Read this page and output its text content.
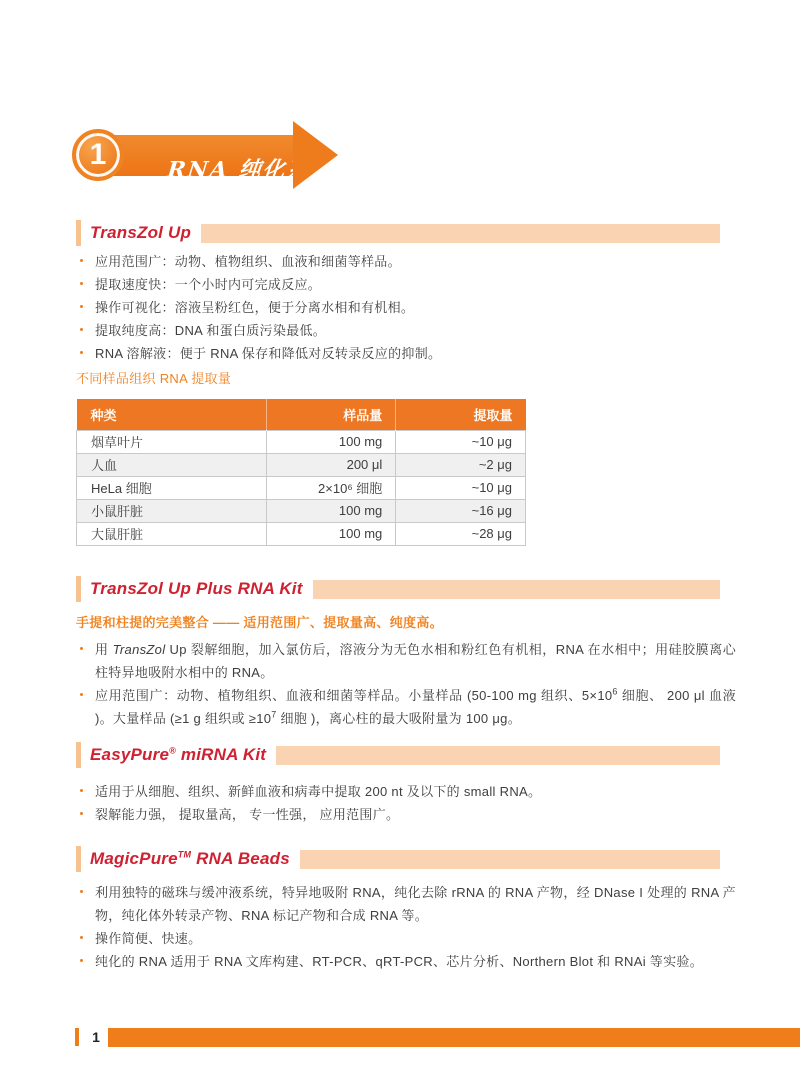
RNA 纯化系列
1
TransZol Up
应用范围广：动物、植物组织、血液和细菌等样品。
提取速度快：一个小时内可完成反应。
操作可视化：溶液呈粉红色，便于分离水相和有机相。
提取纯度高：DNA 和蛋白质污染最低。
RNA 溶解液：便于 RNA 保存和降低对反转录反应的抑制。
不同样品组织 RNA 提取量
种类	样品量	提取量
烟草叶片	100 mg	~10 μg
人血	200 μl	~2 μg
HeLa 细胞	2×10⁶ 细胞	~10 μg
小鼠肝脏	100 mg	~16 μg
大鼠肝脏	100 mg	~28 μg
TransZol Up Plus RNA Kit
手提和柱提的完美整合 —— 适用范围广、提取量高、纯度高。
用 TransZol Up 裂解细胞，加入氯仿后，溶液分为无色水相和粉红色有机相，RNA 在水相中；用硅胶膜离心柱特异地吸附水相中的 RNA。
应用范围广：动物、植物组织、血液和细菌等样品。小量样品 (50-100 mg 组织、$5\times 10^6$ 细胞、 200 μl 血液 )。大量样品 (≥1 g 组织或 $\ge 10^7$ 细胞 )，离心柱的最大吸附量为 100 μg。
EasyPure® miRNA Kit
适用于从细胞、组织、新鲜血液和病毒中提取 200 nt 及以下的 small RNA。
裂解能力强， 提取量高， 专一性强， 应用范围广。
MagicPure™ RNA Beads
利用独特的磁珠与缓冲液系统，特异地吸附 RNA，纯化去除 rRNA 的 RNA 产物，经 DNase I 处理的 RNA 产物，纯化体外转录产物、RNA 标记产物和合成 RNA 等。
操作简便、快速。
纯化的 RNA 适用于 RNA 文库构建、RT-PCR、qRT-PCR、芯片分析、Northern Blot 和 RNAi 等实验。
1
